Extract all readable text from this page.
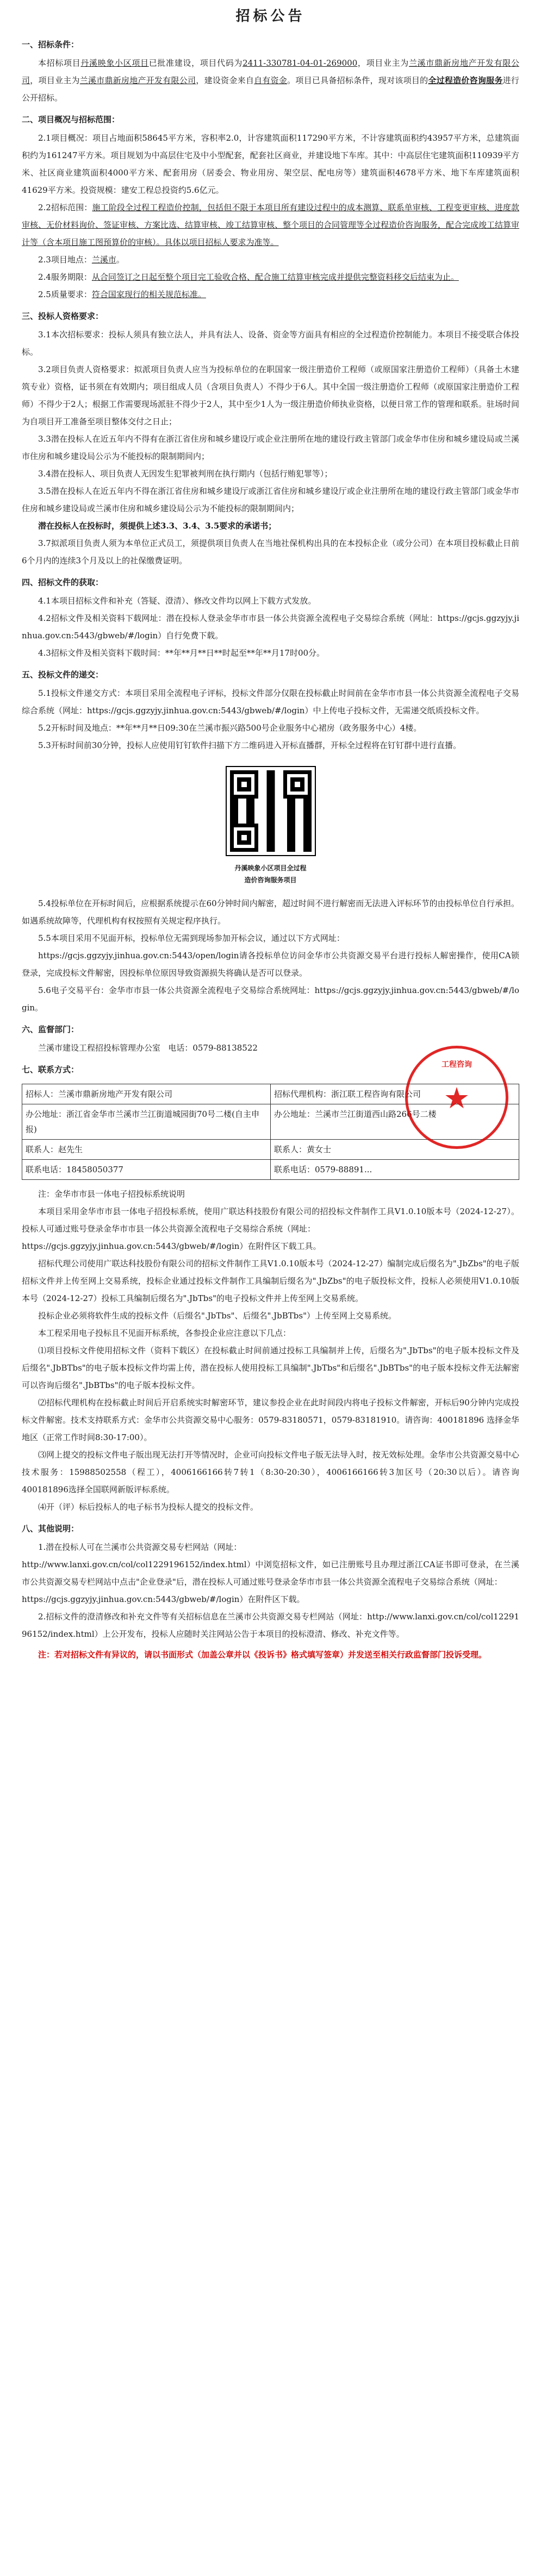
招标公告
一、招标条件：

本招标项目丹溪映象小区项目已批准建设，项目代码为2411-330781-04-01-269000，项目业主为兰溪市鼎新房地产开发有限公司，项目业主为兰溪市鼎新房地产开发有限公司，建设资金来自自有资金。项目已具备招标条件，现对该项目的全过程造价咨询服务进行公开招标。

二、项目概况与招标范围：

2.1项目概况：项目占地面积58645平方米，容积率2.0，计容建筑面积117290平方米，不计容建筑面积约43957平方米，总建筑面积约为161247平方米。项目规划为中高层住宅及中小型配套，配套社区商业，并建设地下车库。其中：中高层住宅建筑面积110939平方米、社区商业建筑面积4000平方米、配套用房（居委会、物业用房、架空层、配电房等）建筑面积4678平方米、地下车库建筑面积41629平方米。投资规模：建安工程总投资约5.6亿元。

2.2招标范围：施工阶段全过程工程造价控制，包括但不限于本项目所有建设过程中的成本测算、联系单审核、工程变更审核、进度款审核、无价材料询价、签证审核、方案比选、结算审核、竣工结算审核、整个项目的合同管理等全过程造价咨询服务，配合完成竣工结算审计等（含本项目施工图预算价的审核）。具体以项目招标人要求为准等。

2.3项目地点：兰溪市。

2.4服务期限：从合同签订之日起至整个项目完工验收合格、配合施工结算审核完成并提供完整资料移交后结束为止。

2.5质量要求：符合国家现行的相关规范标准。

三、投标人资格要求：

3.1本次招标要求：投标人须具有独立法人，并具有法人、设备、资金等方面具有相应的全过程造价控制能力。本项目不接受联合体投标。

3.2项目负责人资格要求：拟派项目负责人应当为投标单位的在职国家一级注册造价工程师（或原国家注册造价工程师）（具备土木建筑专业）资格，证书须在有效期内；项目组成人员（含项目负责人）不得少于6人。其中全国一级注册造价工程师（或原国家注册造价工程师）不得少于2人；根据工作需要现场派驻不得少于2人，其中至少1人为一级注册造价师执业资格，以便日常工作的管理和联系。驻场时间为自项目开工准备至项目整体交付之日止；

3.3潜在投标人在近五年内不得有在浙江省住房和城乡建设厅或企业注册所在地的建设行政主管部门或金华市住房和城乡建设局或兰溪市住房和城乡建设局公示为不能投标的限制期间内；

3.4潜在投标人、项目负责人无因发生犯罪被判刑在执行期内（包括行贿犯罪等）；

3.5潜在投标人在近五年内不得在浙江省住房和城乡建设厅或浙江省住房和城乡建设厅或企业注册所在地的建设行政主管部门或金华市住房和城乡建设局或兰溪市住房和城乡建设局公示为不能投标的限制期间内；

潜在投标人在投标时，须提供上述3.3、3.4、3.5要求的承诺书；

3.7拟派项目负责人须为本单位正式员工，须提供项目负责人在当地社保机构出具的在本投标企业（或分公司）在本项目投标截止日前6个月内的连续3个月及以上的社保缴费证明。

四、招标文件的获取：

4.1本项目招标文件和补充（答疑、澄清）、修改文件均以网上下载方式发放。

4.2招标文件及相关资料下载网址：潜在投标人登录金华市市县一体公共资源全流程电子交易综合系统（网址：https://gcjs.ggzyjy.jinhua.gov.cn:5443/gbweb/#/login）自行免费下载。

4.3招标文件及相关资料下载时间：**年**月**日**时起至**年**月17时00分。

五、投标文件的递交：

5.1投标文件递交方式：本项目采用全流程电子评标，投标文件部分仅限在投标截止时间前在金华市市县一体公共资源全流程电子交易综合系统（网址：https://gcjs.ggzyjy.jinhua.gov.cn:5443/gbweb/#/login）中上传电子投标文件，无需递交纸质投标文件。

5.2开标时间及地点：**年**月**日09:30在兰溪市振兴路500号企业服务中心裙房（政务服务中心）4楼。

5.3开标时间前30分钟，投标人应使用钉钉软件扫描下方二维码进入开标直播群，开标全过程将在钉钉群中进行直播。

丹溪映象小区项目全过程
造价咨询服务项目

5.4投标单位在开标时间后，应根据系统提示在60分钟时间内解密，超过时间不进行解密而无法进入评标环节的由投标单位自行承担。如遇系统故障等，代理机构有权按照有关规定程序执行。

5.5本项目采用不见面开标，投标单位无需到现场参加开标会议，通过以下方式网址：

https://gcjs.ggzyjy.jinhua.gov.cn:5443/open/login请各投标单位访问金华市公共资源交易平台进行投标人解密操作，使用CA锁登录，完成投标文件解密，因投标单位原因导致资源损失将确认是否可以登录。

5.6电子交易平台：金华市市县一体公共资源全流程电子交易综合系统网址：https://gcjs.ggzyjy.jinhua.gov.cn:5443/gbweb/#/login。

六、监督部门：

兰溪市建设工程招投标管理办公室 电话：0579-88138522

七、联系方式：
招标人：兰溪市鼎新房地产开发有限公司	招标代理机构：浙江联工程咨询有限公司
办公地址：浙江省金华市兰溪市兰江街道城园街70号二楼(自主申报)	办公地址：兰溪市兰江街道西山路266号二楼
联系人：赵先生	联系人：黄女士
联系电话：18458050377	联系电话：0579-88891...
工程咨询
★

注：金华市市县一体电子招投标系统说明

本项目采用金华市市县一体电子招投标系统，使用广联达科技股份有限公司的招投标文件制作工具V1.0.10版本号（2024-12-27）。投标人可通过账号登录金华市市县一体公共资源全流程电子交易综合系统（网址：

https://gcjs.ggzyjy.jinhua.gov.cn:5443/gbweb/#/login）在附件区下载工具。

招标代理公司使用广联达科技股份有限公司的招标文件制作工具V1.0.10版本号（2024-12-27）编制完成后缀名为".JbZbs"的电子版招标文件并上传至网上交易系统，投标企业通过投标文件制作工具编制后缀名为".JbZbs"的电子版投标文件，投标人必须使用V1.0.10版本号（2024-12-27）投标工具编制后缀名为".JbTbs"的电子投标文件并上传至网上交易系统。

投标企业必须将软件生成的投标文件（后缀名".JbTbs"、后缀名".JbBTbs"）上传至网上交易系统。

本工程采用电子投标且不见面开标系统，各参投企业应注意以下几点：

⑴项目投标文件使用招标文件（资料下载区）在投标截止时间前通过投标工具编制并上传，后缀名为".JbTbs"的电子版本投标文件及后缀名".JbBTbs"的电子版本投标文件均需上传，潜在投标人使用投标工具编制".JbTbs"和后缀名".JbBTbs"的电子版本投标文件无法解密可以咨询后缀名".JbBTbs"的电子版本投标文件。

⑵招标代理机构在投标截止时间后开启系统实时解密环节，建议参投企业在此时间段内将电子投标文件解密，开标后90分钟内完成投标文件解密。技术支持联系方式：金华市公共资源交易中心服务：0579-83180571，0579-83181910。请咨询：400181896 选择金华地区（正常工作时间8:30-17:00）。

⑶网上提交的投标文件电子版出现无法打开等情况时，企业可向投标文件电子版无法导入时，按无效标处理。金华市公共资源交易中心技术服务：15988502558（程工），4006166166转7转1（8:30-20:30），4006166166转3加区号（20:30以后）。请咨询400181896选择全国联网新版评标系统。

⑷开（评）标后投标人的电子标书为投标人提交的投标文件。

八、其他说明：

1.潜在投标人可在兰溪市公共资源交易专栏网站（网址：

http://www.lanxi.gov.cn/col/col1229196152/index.html）中浏览招标文件，如已注册账号且办理过浙江CA证书即可登录，在兰溪市公共资源交易专栏网站中点击"企业登录"后，潜在投标人可通过账号登录金华市市县一体公共资源全流程电子交易综合系统（网址：

https://gcjs.ggzyjy.jinhua.gov.cn:5443/gbweb/#/login）在附件区下载。

2.招标文件的澄清修改和补充文件等有关招标信息在兰溪市公共资源交易专栏网站（网址：http://www.lanxi.gov.cn/col/col1229196152/index.html）上公开发布，投标人应随时关注网站公告于本项目的投标澄清、修改、补充文件等。

注：若对招标文件有异议的，请以书面形式（加盖公章并以《投诉书》格式填写签章）并发送至相关行政监督部门投诉受理。
